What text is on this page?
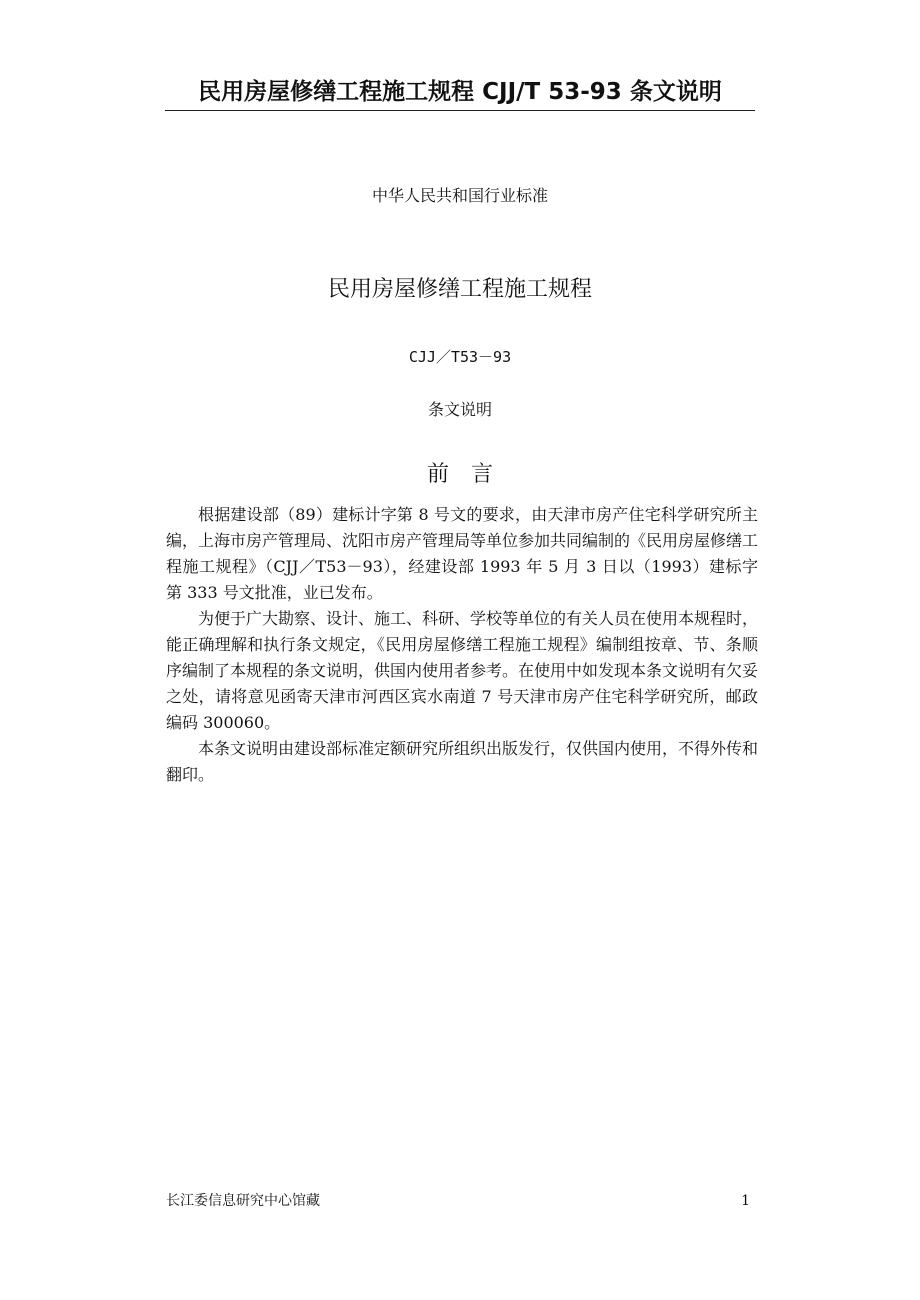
民用房屋修缮工程施工规程 CJJ/T 53-93 条文说明
中华人民共和国行业标准
民用房屋修缮工程施工规程
CJJ／T53－93
条文说明
前言

根据建设部（89）建标计字第 8 号文的要求，由天津市房产住宅科学研究所主编，上海市房产管理局、沈阳市房产管理局等单位参加共同编制的《民用房屋修缮工程施工规程》（CJJ／T53－93），经建设部 1993 年 5 月 3 日以（1993）建标字第 333 号文批准，业已发布。

为便于广大勘察、设计、施工、科研、学校等单位的有关人员在使用本规程时，能正确理解和执行条文规定，《民用房屋修缮工程施工规程》编制组按章、节、条顺序编制了本规程的条文说明，供国内使用者参考。在使用中如发现本条文说明有欠妥之处，请将意见函寄天津市河西区宾水南道 7 号天津市房产住宅科学研究所，邮政编码 300060。

本条文说明由建设部标准定额研究所组织出版发行，仅供国内使用，不得外传和翻印。

长江委信息研究中心馆藏	1
